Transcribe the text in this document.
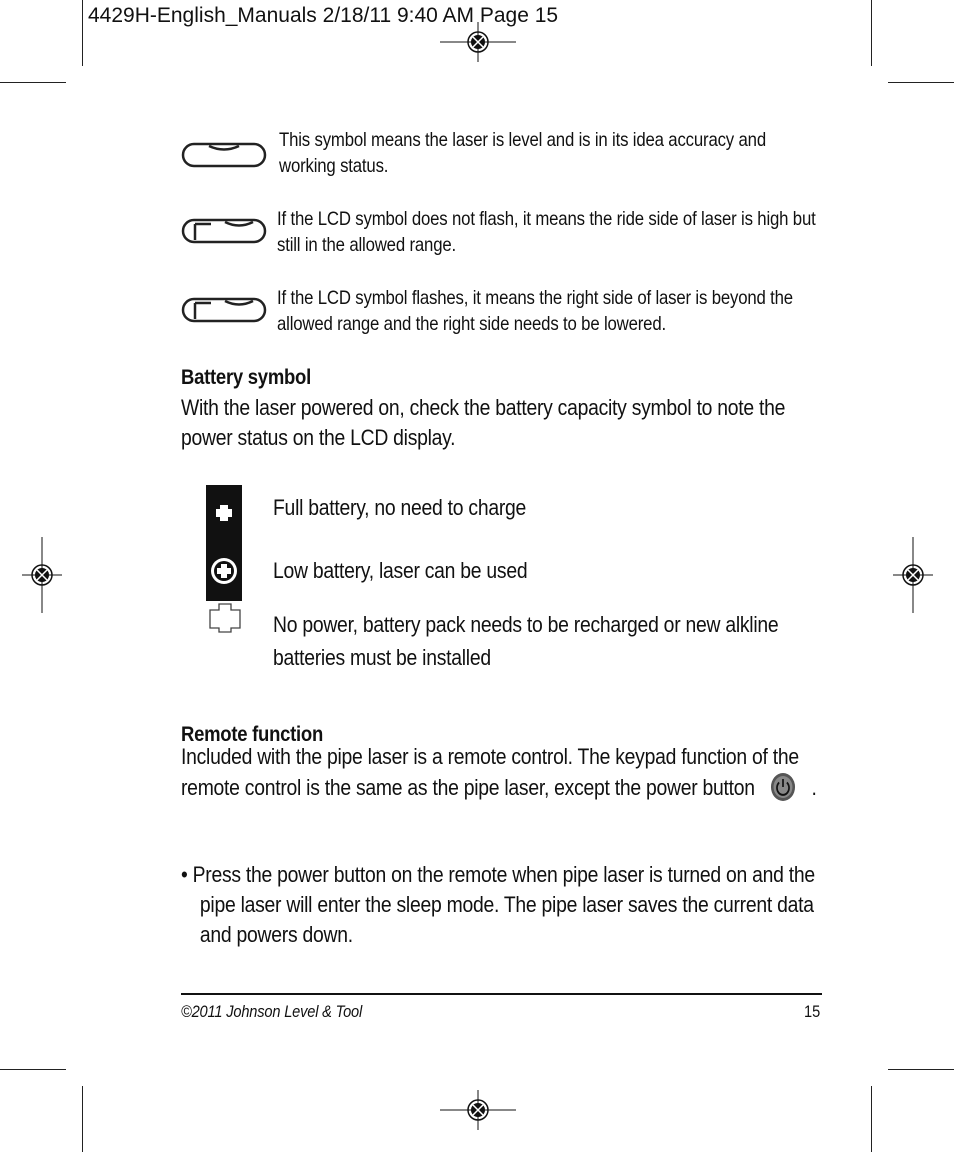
4429H-English_Manuals 2/18/11 9:40 AM Page 15
This symbol means the laser is level and is in its idea accuracy and working status.
If the LCD symbol does not flash, it means the ride side of laser is high but still in the allowed range.
If the LCD symbol flashes, it means the right side of laser is beyond the allowed range and the right side needs to be lowered.
Battery symbol
With the laser powered on, check the battery capacity symbol to note the power status on the LCD display.
Full battery, no need to charge
Low battery, laser can be used
No power, battery pack needs to be recharged or new alkline batteries must be installed
Remote function
Included with the pipe laser is a remote control. The keypad function of the remote control is the same as the pipe laser, except the power button	.
• Press the power button on the remote when pipe laser is turned on and the pipe laser will enter the sleep mode. The pipe laser saves the current data and powers down.
©2011 Johnson Level & Tool	15
